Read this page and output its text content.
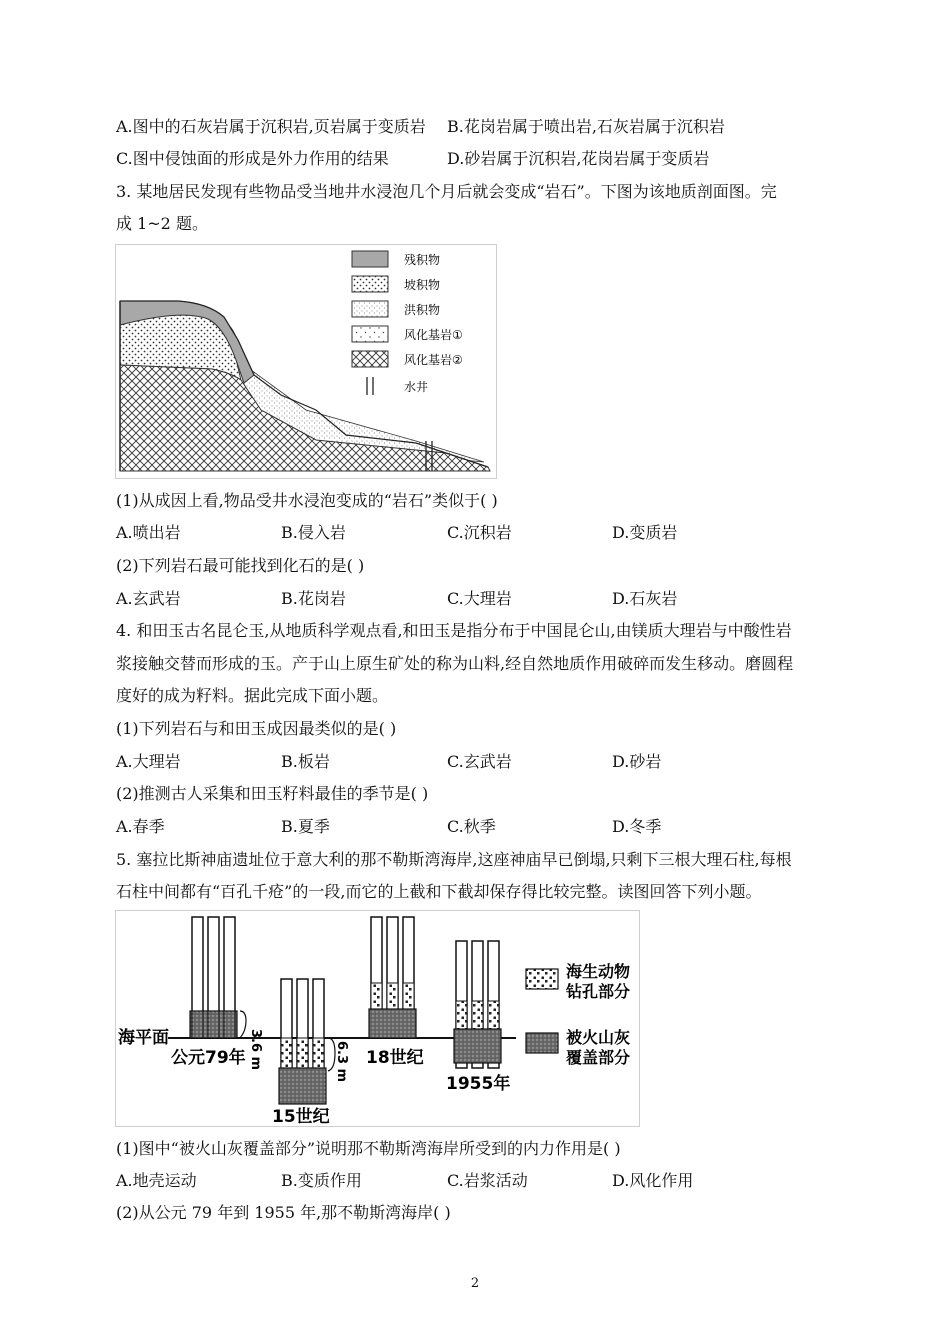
A.图中的石灰岩属于沉积岩,页岩属于变质岩 B.花岗岩属于喷出岩,石灰岩属于沉积岩
C.图中侵蚀面的形成是外力作用的结果	D.砂岩属于沉积岩,花岗岩属于变质岩
3. 某地居民发现有些物品受当地井水浸泡几个月后就会变成“岩石”。下图为该地质剖面图。完
成 1~2 题。
残积物
坡积物
洪积物
风化基岩①
风化基岩②
水井
(1)从成因上看,物品受井水浸泡变成的“岩石”类似于( )
A.喷出岩	B.侵入岩	C.沉积岩	D.变质岩
(2)下列岩石最可能找到化石的是( )
A.玄武岩	B.花岗岩	C.大理岩	D.石灰岩
4. 和田玉古名昆仑玉,从地质科学观点看,和田玉是指分布于中国昆仑山,由镁质大理岩与中酸性岩
浆接触交替而形成的玉。产于山上原生矿处的称为山料,经自然地质作用破碎而发生移动。磨圆程
度好的成为籽料。据此完成下面小题。
(1)下列岩石与和田玉成因最类似的是( )
A.大理岩	B.板岩	C.玄武岩	D.砂岩
(2)推测古人采集和田玉籽料最佳的季节是( )
A.春季	B.夏季	C.秋季	D.冬季
5. 塞拉比斯神庙遗址位于意大利的那不勒斯湾海岸,这座神庙早已倒塌,只剩下三根大理石柱,每根
石柱中间都有“百孔千疮”的一段,而它的上截和下截却保存得比较完整。读图回答下列小题。
海平面	3.6 m
公元79年	6.3 m
15世纪
18世纪
1955年
海生动物
钻孔部分
被火山灰
覆盖部分
(1)图中“被火山灰覆盖部分”说明那不勒斯湾海岸所受到的内力作用是( )
A.地壳运动	B.变质作用	C.岩浆活动	D.风化作用
(2)从公元 79 年到 1955 年,那不勒斯湾海岸( )
2
